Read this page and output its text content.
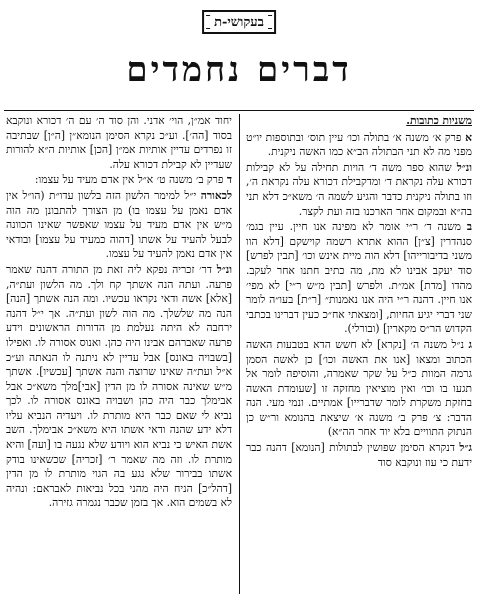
בעקושי-ת
דברים נחמדים

משניות כתובות.

א פרק א׳ משנה א׳ בתולה וכו׳ עיין תוס׳ ובתוספות יו״ט מפני מה לא תני הבתולה הב״א כמו האשה ניקנית.

ונ״ל שהוא ספר משה ד׳ הויות תחילה על לא קבילות דכורא עלה נקראת ד׳ ומדקבילת דכורא עלה נקראת ה׳, וזו בתולה ניקנית כדבר והגיע לשמה ה׳ משא״כ דלא תני בה״א ובמקום אחר הארכנו בזה ועת לקצר.

ב משנה ד׳ ר״י אומר לא מפינה אנו חיין. עיין בגמ׳ סנהדרין [צ״ן] ההוא אתרא רשמה קוישקם [דלא הוו משני בדיבורייהו] דלא הוה מיית אינש וכו׳ [תבין לפרש] סוד יעקב אבינו לא מת, מה כתיב חתנו אחר לעקב. מהדו [מדת] אמ״ת. ולפרש [תבין מ״ש ר״י] לא מפי׳ אנו חיין. דהנה ר״י היה אנו נאמנות״ [ר״ת] בעו״ה לומר שני דברי יגיע החיות, [ומצאתי אח״כ כעין דברינו בכתבי הקדוש הר״ס מקארין] (ובורלי).

ג נ״ל משנה ה׳ [נקרא] לא חשש הדא בטבעות האשה הכתוב ומצאו [אנו את האשה וכו׳] כן לאשה הסמן גרמה המוות כ״ל על שקר שאמרה, והוסיפה לומר אל תגעו בו וכו׳ ואין מוציאין מחזקה זו [שעומדת האשה בחזקת משקרת לומר שדברייו] אמתיים. ונמי מעי. הנה הדבר: צ׳ פרק ב׳ משנה א׳ שיצאת בהנומא ור״ש כן הנתוק התוויים בלא יוד אחר הה״א)

ג״ל דנקרא הסימן שפושין לבתולות [הנומא] דהנה כבר ידעת כי עוז ונוקבא סוד

יחוד אמ״ן, הוי׳ אדני. והן סוד ה׳ עם ה׳ דכורא ונוקבא בסוד [הה׳]. וע״כ נקרא הסימן הנומא״ן [ה״ן] שבתיבה זו נפרדים עדיין אותיות אמ״ן [הכן] אותיות ה״א להורות שעדיין לא קבילת דכורא עלה.

ד פרק ב׳ משנה ט׳ א״ל אין אדם מעיד על עצמו:

לכאורה י״ל למימר הלשון הזה בלשון עדו״ת (הו״ל אין אדם נאמן על עצמו בו) מן הצורך להתבונן מה הוה מ״ש אין אדם מעיד על עצמו שאפשר שאינו הכוונה לבעל להעיד על אשתו [דהוה כמעיד על עצמו] ובודאי אין אדם נאמן להעיד על עצמו.

ונ״ל דר׳ זכריה נפקא ליה זאת מן התורה דהנה שאמר פרעה. ועתה הנה אשתך קח ולך. מה הלשון ועת״ה, [אלא] אשה ודאי נקראו עכשיו. ומה הנה אשתך [הנה] הנה מה שלשלך. מה הוה לשון ועת״ה. אך י״ל דהנה ירחבה לא היתה נעלמת מן הדורות הראשונים וידע פרעה שאברהם אבינו היה כהן. ואנוס אסורה לו. ואפילו [בשבויה באונס] אבל עדיין לא ניתנה לו הנאתה וע״כ א״ל ועת״ה שאינו שרוצה והנה אשתך [עכשיו]. אשתך מ״ש שאינה אסורה לו מן הדין [אבי]מלך משא״כ אבל אבימלך כבר היה כהן ושבויה באונס אסורה לו. לכך נביא לי שאם כבר היא מותרת לו. ויעדיה הנביא עליו דלא ידע שהנה ודאי אשתו היא משא״כ אבימלך. השב אשת האיש כי נביא הוא ויודע שלא נגעה בו [ועה] והיא מותרת לו. וזה מה שאמר ר׳ [זכריה] שכשאינו בודק אשתו בבירור שלא נגע בה הגוי מותרת לו מן הדין [דהל״כ] הניח היה מהני בכל נביאות לאבראם: ונהיה לא בשמים הוא. אך בזמן שכבר נגמרה גזירה.
